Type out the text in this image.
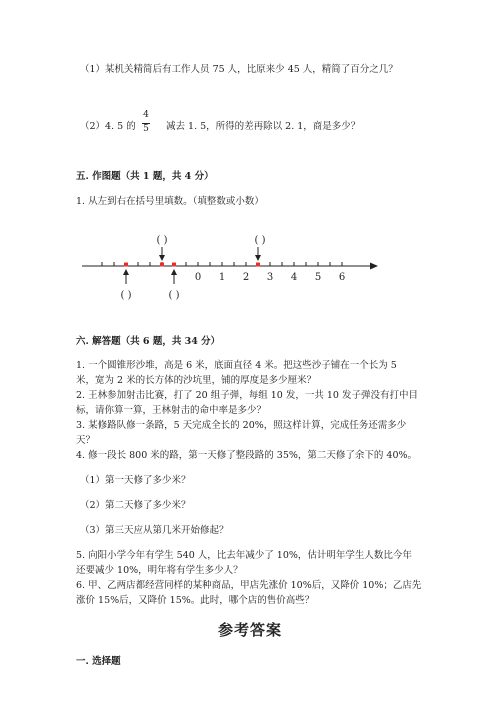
（1）某机关精简后有工作人员 75 人，比原来少 45 人，精简了百分之几？
（2）4. 5 的
4
5	减去 1. 5，所得的差再除以 2. 1，商是多少？
五. 作图题（共 1 题，共 4 分）
1. 从左到右在括号里填数。（填整数或小数）
0 1 2 3 4 5 6
( )	( )
( )	( )
六. 解答题（共 6 题，共 34 分）
1. 一个圆锥形沙堆，高是 6 米，底面直径 4 米。把这些沙子铺在一个长为 5
米，宽为 2 米的长方体的沙坑里，铺的厚度是多少厘米？
2. 王林参加射击比赛，打了 20 组子弹，每组 10 发，一共 10 发子弹没有打中目
标，请你算一算，王林射击的命中率是多少？
3. 某修路队修一条路，5 天完成全长的 20%，照这样计算，完成任务还需多少
天？
4. 修一段长 800 米的路，第一天修了整段路的 35%，第二天修了余下的 40%。
（1）第一天修了多少米？
（2）第二天修了多少米？
（3）第三天应从第几米开始修起？
5. 向阳小学今年有学生 540 人，比去年减少了 10%，估计明年学生人数比今年
还要减少 10%，明年将有学生多少人？
6. 甲、乙两店都经营同样的某种商品，甲店先涨价 10%后，又降价 10%；乙店先
涨价 15%后，又降价 15%。此时，哪个店的售价高些？
参考答案
一. 选择题
